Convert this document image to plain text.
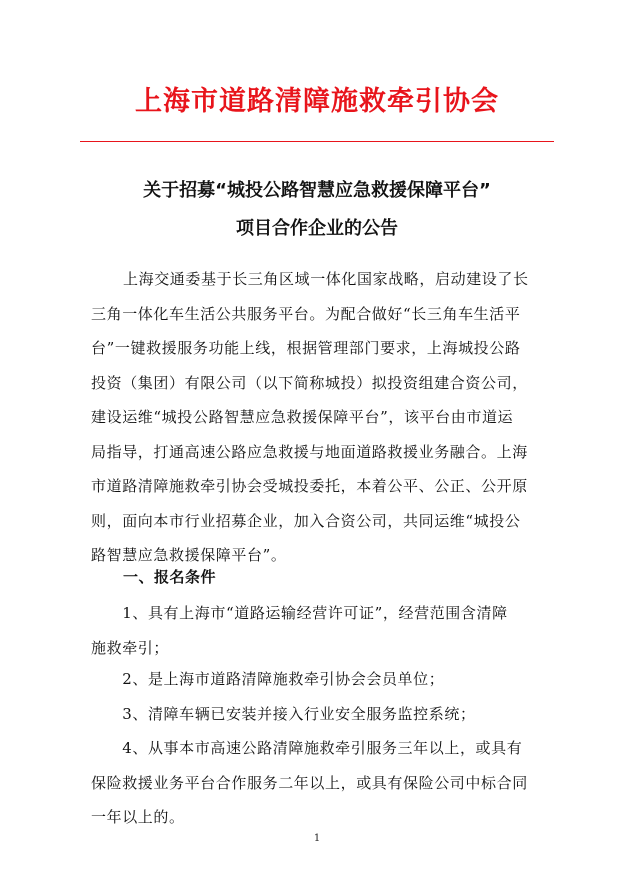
上海市道路清障施救牵引协会
关于招募“城投公路智慧应急救援保障平台”
项目合作企业的公告

上海交通委基于长三角区域一体化国家战略，启动建设了长
三角一体化车生活公共服务平台。为配合做好“长三角车生活平
台”一键救援服务功能上线，根据管理部门要求，上海城投公路
投资（集团）有限公司（以下简称城投）拟投资组建合资公司，
建设运维“城投公路智慧应急救援保障平台”，该平台由市道运
局指导，打通高速公路应急救援与地面道路救援业务融合。上海
市道路清障施救牵引协会受城投委托，本着公平、公正、公开原
则，面向本市行业招募企业，加入合资公司，共同运维“城投公
路智慧应急救援保障平台”。

一、报名条件

　　1、具有上海市“道路运输经营许可证”，经营范围含清障
施救牵引；

　　2、是上海市道路清障施救牵引协会会员单位；

　　3、清障车辆已安装并接入行业安全服务监控系统；

　　4、从事本市高速公路清障施救牵引服务三年以上，或具有
保险救援业务平台合作服务二年以上，或具有保险公司中标合同
一年以上的。

1
